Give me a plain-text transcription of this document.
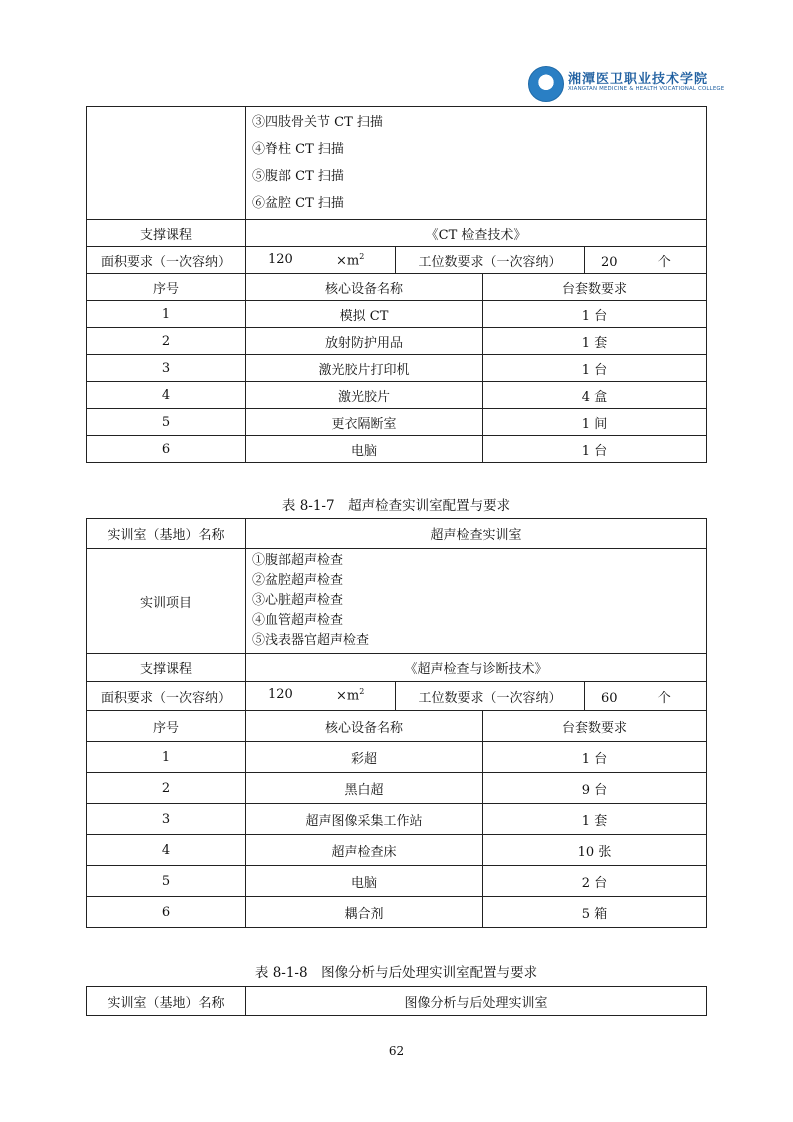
湘潭医卫职业技术学院
XIANGTAN MEDICINE & HEALTH VOCATIONAL COLLEGE

	③四肢骨关节 CT 扫描
④脊柱 CT 扫描
⑤腹部 CT 扫描
⑥盆腔 CT 扫描			

支撑课程	《CT 检查技术》			
面积要求（一次容纳）	$120 \times m^2$	工位数要求（一次容纳）		20 个
序号	核心设备名称		台套数要求	
1	模拟 CT		1 台	
2	放射防护用品		1 套	
3	激光胶片打印机		1 台	
4	激光胶片		4 盒	
5	更衣隔断室		1 间	
6	电脑		1 台	
表 8-1-7　超声检查实训室配置与要求
实训室（基地）名称	超声检查实训室			
实训项目	①腹部超声检查
②盆腔超声检查
③心脏超声检查
④血管超声检查
⑤浅表器官超声检查			

支撑课程	《超声检查与诊断技术》			
面积要求（一次容纳）	$120 \times m^2$	工位数要求（一次容纳）		60 个
序号	核心设备名称		台套数要求	
1	彩超		1 台	
2	黑白超		9 台	
3	超声图像采集工作站		1 套	
4	超声检查床		10 张	
5	电脑		2 台	
6	耦合剂		5 箱	
表 8-1-8　图像分析与后处理实训室配置与要求
实训室（基地）名称	图像分析与后处理实训室
62
